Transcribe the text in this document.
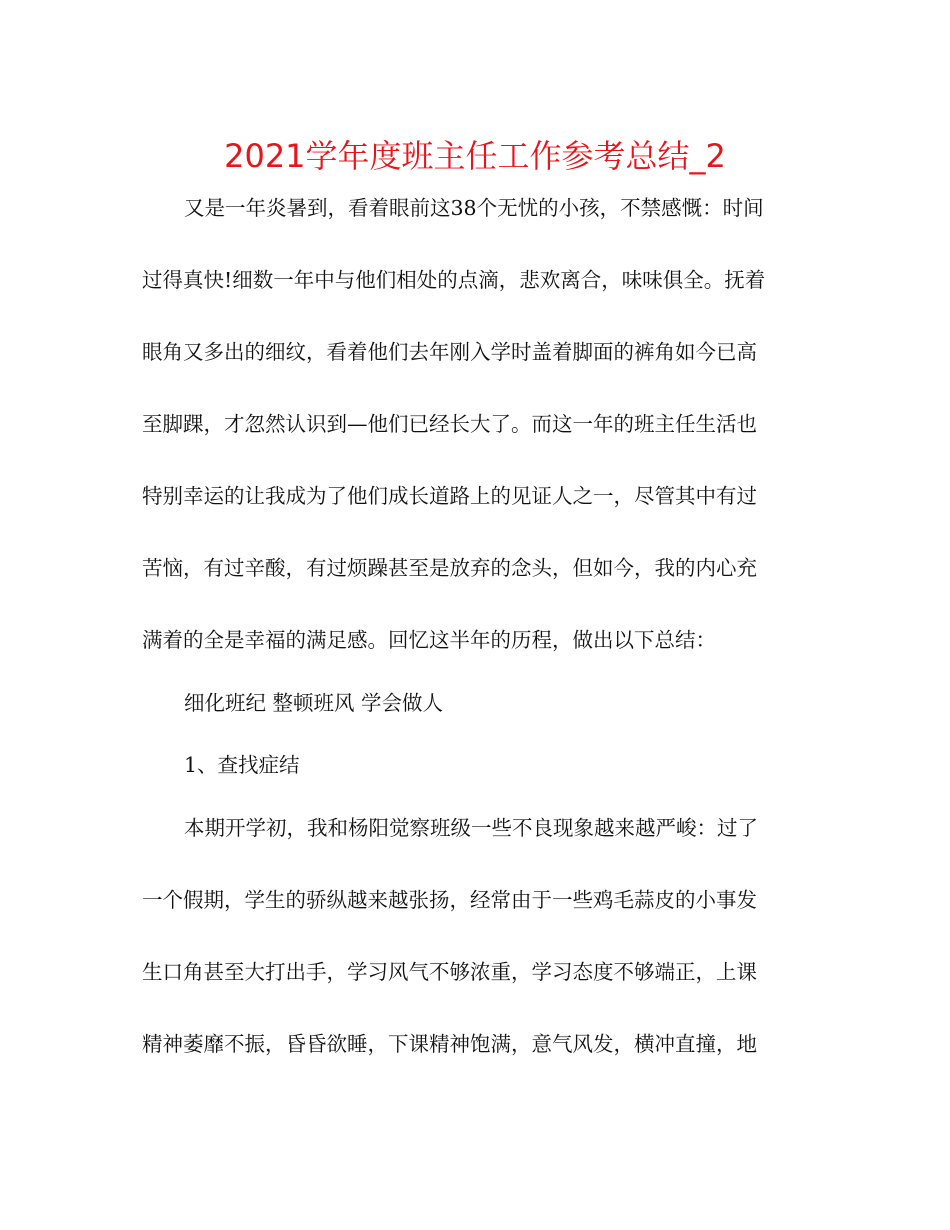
2021学年度班主任工作参考总结_2
又是一年炎暑到，看着眼前这38个无忧的小孩，不禁感慨：时间
过得真快!细数一年中与他们相处的点滴，悲欢离合，味味俱全。抚着
眼角又多出的细纹，看着他们去年刚入学时盖着脚面的裤角如今已高
至脚踝，才忽然认识到—他们已经长大了。而这一年的班主任生活也
特别幸运的让我成为了他们成长道路上的见证人之一，尽管其中有过
苦恼，有过辛酸，有过烦躁甚至是放弃的念头，但如今，我的内心充
满着的全是幸福的满足感。回忆这半年的历程，做出以下总结：
细化班纪 整顿班风 学会做人
1、查找症结
本期开学初，我和杨阳觉察班级一些不良现象越来越严峻：过了
一个假期，学生的骄纵越来越张扬，经常由于一些鸡毛蒜皮的小事发
生口角甚至大打出手，学习风气不够浓重，学习态度不够端正，上课
精神萎靡不振，昏昏欲睡，下课精神饱满，意气风发，横冲直撞，地
